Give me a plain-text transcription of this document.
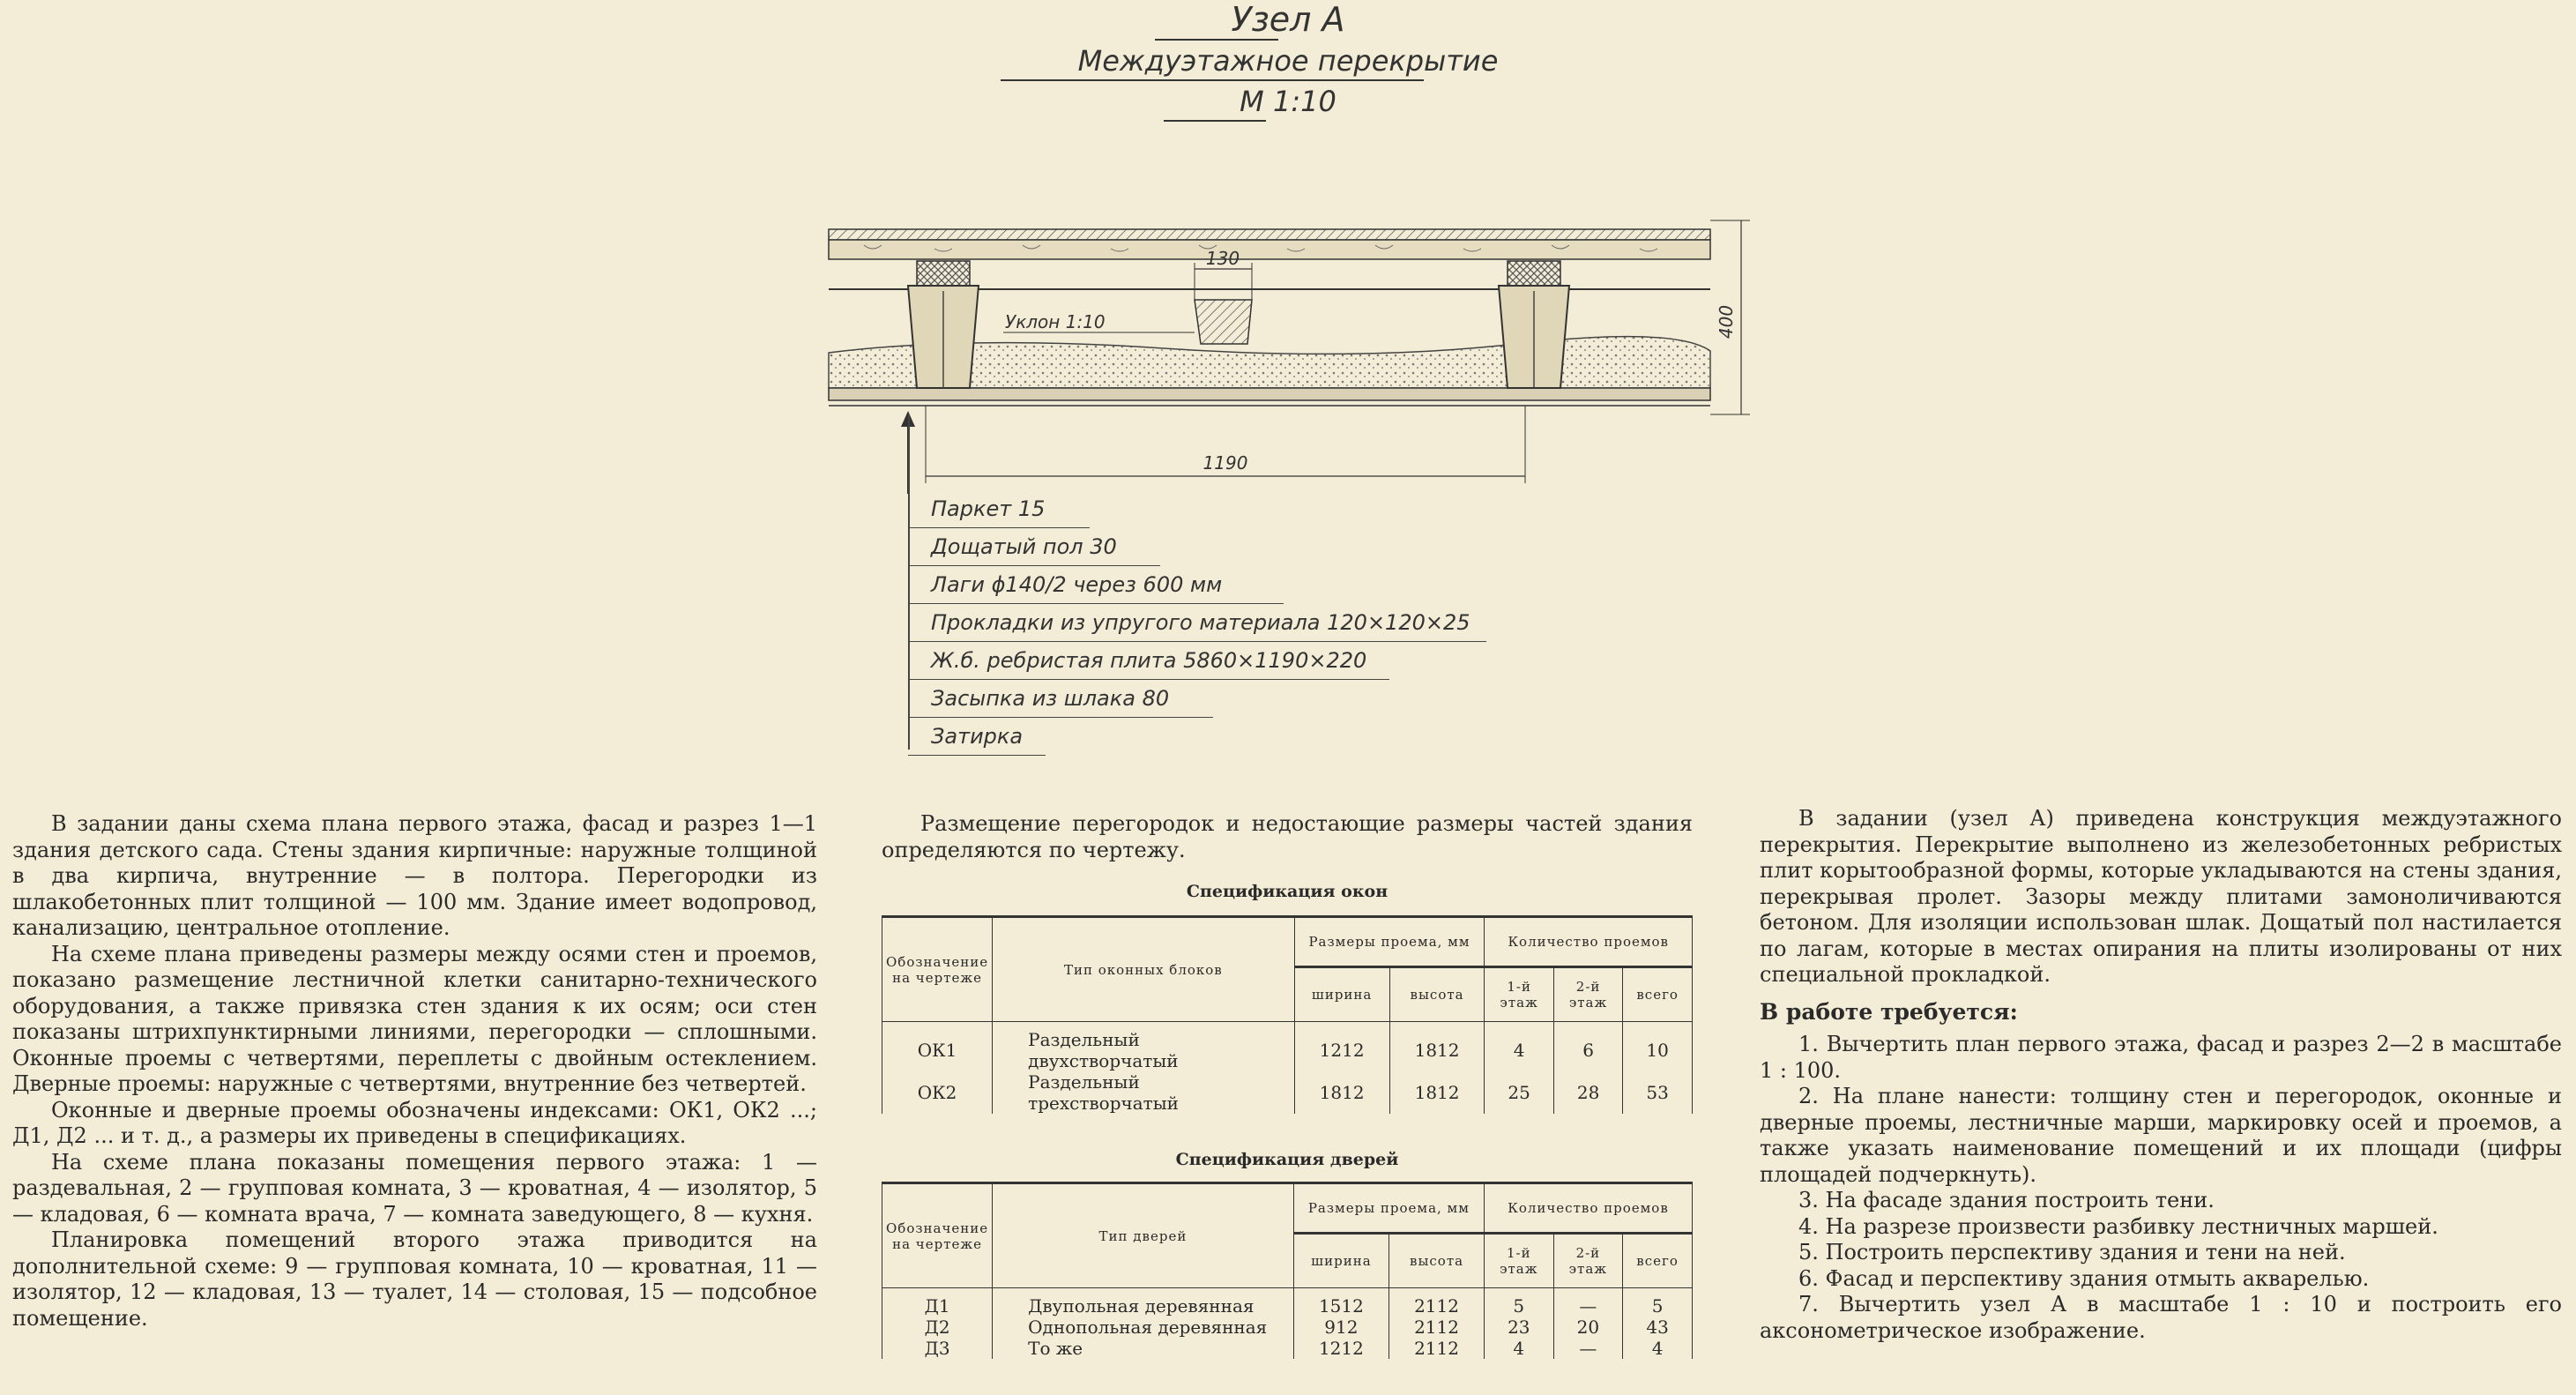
Узел А
Междуэтажное перекрытие
М 1:10
130
Уклон 1:10	400
1190
Паркет 15
Дощатый пол 30
Лаги ϕ140/2 через 600 мм
Прокладки из упругого материала 120×120×25
Ж.б. ребристая плита 5860×1190×220
Засыпка из шлака 80
Затирка

В задании даны схема плана первого этажа, фасад и разрез 1—1 здания детского сада. Стены здания кирпичные: наружные толщиной в два кирпича, внутренние — в полтора. Перегородки из шлакобетонных плит толщиной — 100 мм. Здание имеет водопровод, канализацию, центральное отопление.

На схеме плана приведены размеры между осями стен и проемов, показано размещение лестничной клетки санитарно-технического оборудования, а также привязка стен здания к их осям; оси стен показаны штрихпунктирными линиями, перегородки — сплошными. Оконные проемы с четвертями, переплеты с двойным остеклением. Дверные проемы: наружные с четвертями, внутренние без четвертей.

Оконные и дверные проемы обозначены индексами: ОК1, ОК2 ...; Д1, Д2 ... и т. д., а размеры их приведены в спецификациях.

На схеме плана показаны помещения первого этажа: 1 — раздевальная, 2 — групповая комната, 3 — кроватная, 4 — изолятор, 5 — кладовая, 6 — комната врача, 7 — комната заведующего, 8 — кухня.

Планировка помещений второго этажа приводится на дополнительной схеме: 9 — групповая комната, 10 — кроватная, 11 — изолятор, 12 — кладовая, 13 — туалет, 14 — столовая, 15 — подсобное помещение.

Размещение перегородок и недостающие размеры частей здания определяются по чертежу.

Спецификация окон
Обозначение на чертеже	Тип оконных блоков	Размеры проема, мм		Количество проемов		
		ширина	высота	1-й этаж	2-й этаж	всего
ОК1	Раздельный двухстворчатый	1212	1812	4	6	10
ОК2	Раздельный трехстворчатый	1812	1812	25	28	53
Спецификация дверей
Обозначение на чертеже	Тип дверей	Размеры проема, мм		Количество проемов		
		ширина	высота	1-й этаж	2-й этаж	всего
Д1	Двупольная деревянная	1512	2112	5	—	5
Д2	Однопольная деревянная	912	2112	23	20	43
Д3	То же	1212	2112	4	—	4

В задании (узел А) приведена конструкция междуэтажного перекрытия. Перекрытие выполнено из железобетонных ребристых плит корытообразной формы, которые укладываются на стены здания, перекрывая пролет. Зазоры между плитами замоноличиваются бетоном. Для изоляции использован шлак. Дощатый пол настилается по лагам, которые в местах опирания на плиты изолированы от них специальной прокладкой.

В работе требуется:

1. Вычертить план первого этажа, фасад и разрез 2—2 в масштабе 1 : 100.

2. На плане нанести: толщину стен и перегородок, оконные и дверные проемы, лестничные марши, маркировку осей и проемов, а также указать наименование помещений и их площади (цифры площадей подчеркнуть).

3. На фасаде здания построить тени.

4. На разрезе произвести разбивку лестничных маршей.

5. Построить перспективу здания и тени на ней.

6. Фасад и перспективу здания отмыть акварелью.

7. Вычертить узел А в масштабе 1 : 10 и построить его аксонометрическое изображение.
